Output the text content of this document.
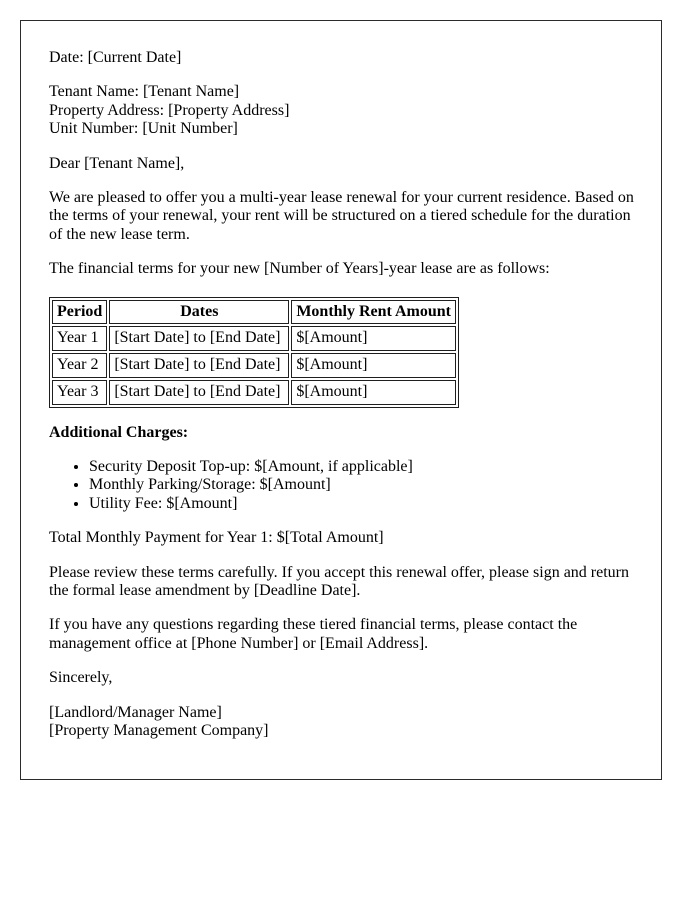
Date: [Current Date]

Tenant Name: [Tenant Name]
Property Address: [Property Address]
Unit Number: [Unit Number]

Dear [Tenant Name],

We are pleased to offer you a multi-year lease renewal for your current residence. Based on the terms of your renewal, your rent will be structured on a tiered schedule for the duration of the new lease term.

The financial terms for your new [Number of Years]-year lease are as follows:

Period	Dates	Monthly Rent Amount
Year 1	[Start Date] to [End Date]	$[Amount]
Year 2	[Start Date] to [End Date]	$[Amount]
Year 3	[Start Date] to [End Date]	$[Amount]

Additional Charges:

• Security Deposit Top-up: $[Amount, if applicable]
• Monthly Parking/Storage: $[Amount]
• Utility Fee: $[Amount]

Total Monthly Payment for Year 1: $[Total Amount]

Please review these terms carefully. If you accept this renewal offer, please sign and return the formal lease amendment by [Deadline Date].

If you have any questions regarding these tiered financial terms, please contact the management office at [Phone Number] or [Email Address].

Sincerely,

[Landlord/Manager Name]
[Property Management Company]
